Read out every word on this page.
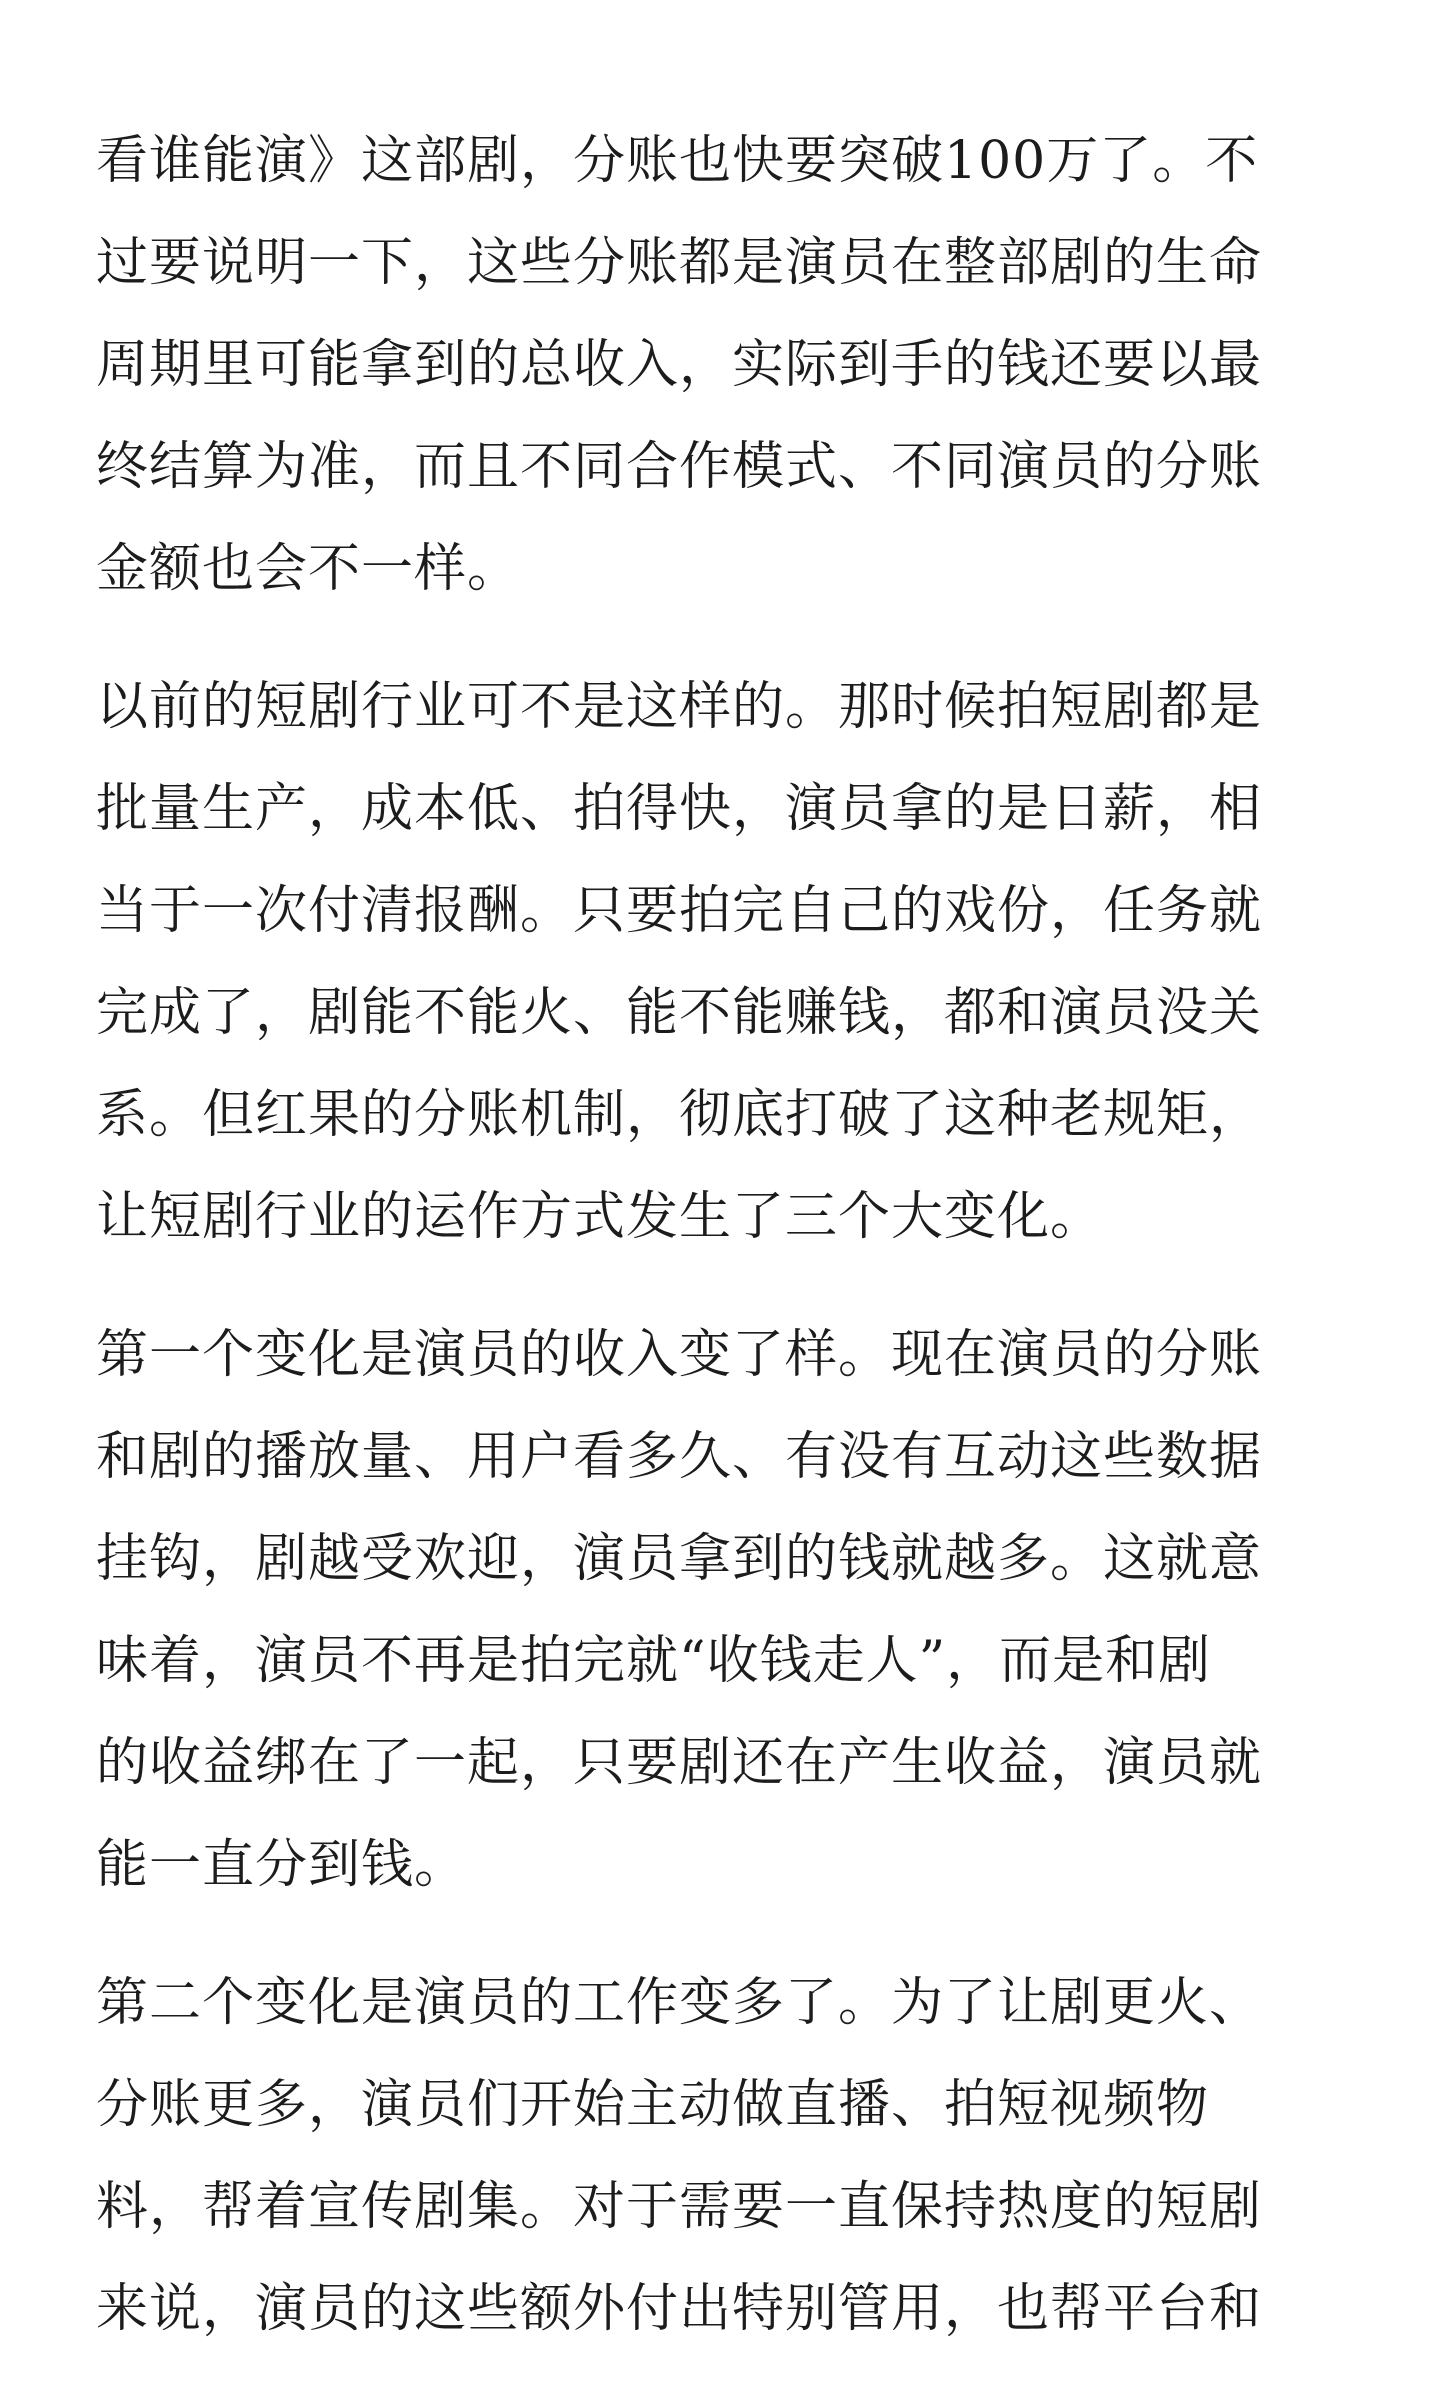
看谁能演》这部剧，分账也快要突破100万了。不
过要说明一下，这些分账都是演员在整部剧的生命
周期里可能拿到的总收入，实际到手的钱还要以最
终结算为准，而且不同合作模式、不同演员的分账
金额也会不一样。

以前的短剧行业可不是这样的。那时候拍短剧都是
批量生产，成本低、拍得快，演员拿的是日薪，相
当于一次付清报酬。只要拍完自己的戏份，任务就
完成了，剧能不能火、能不能赚钱，都和演员没关
系。但红果的分账机制，彻底打破了这种老规矩，
让短剧行业的运作方式发生了三个大变化。

第一个变化是演员的收入变了样。现在演员的分账
和剧的播放量、用户看多久、有没有互动这些数据
挂钩，剧越受欢迎，演员拿到的钱就越多。这就意
味着，演员不再是拍完就“收钱走人”，而是和剧
的收益绑在了一起，只要剧还在产生收益，演员就
能一直分到钱。

第二个变化是演员的工作变多了。为了让剧更火、
分账更多，演员们开始主动做直播、拍短视频物
料，帮着宣传剧集。对于需要一直保持热度的短剧
来说，演员的这些额外付出特别管用，也帮平台和
